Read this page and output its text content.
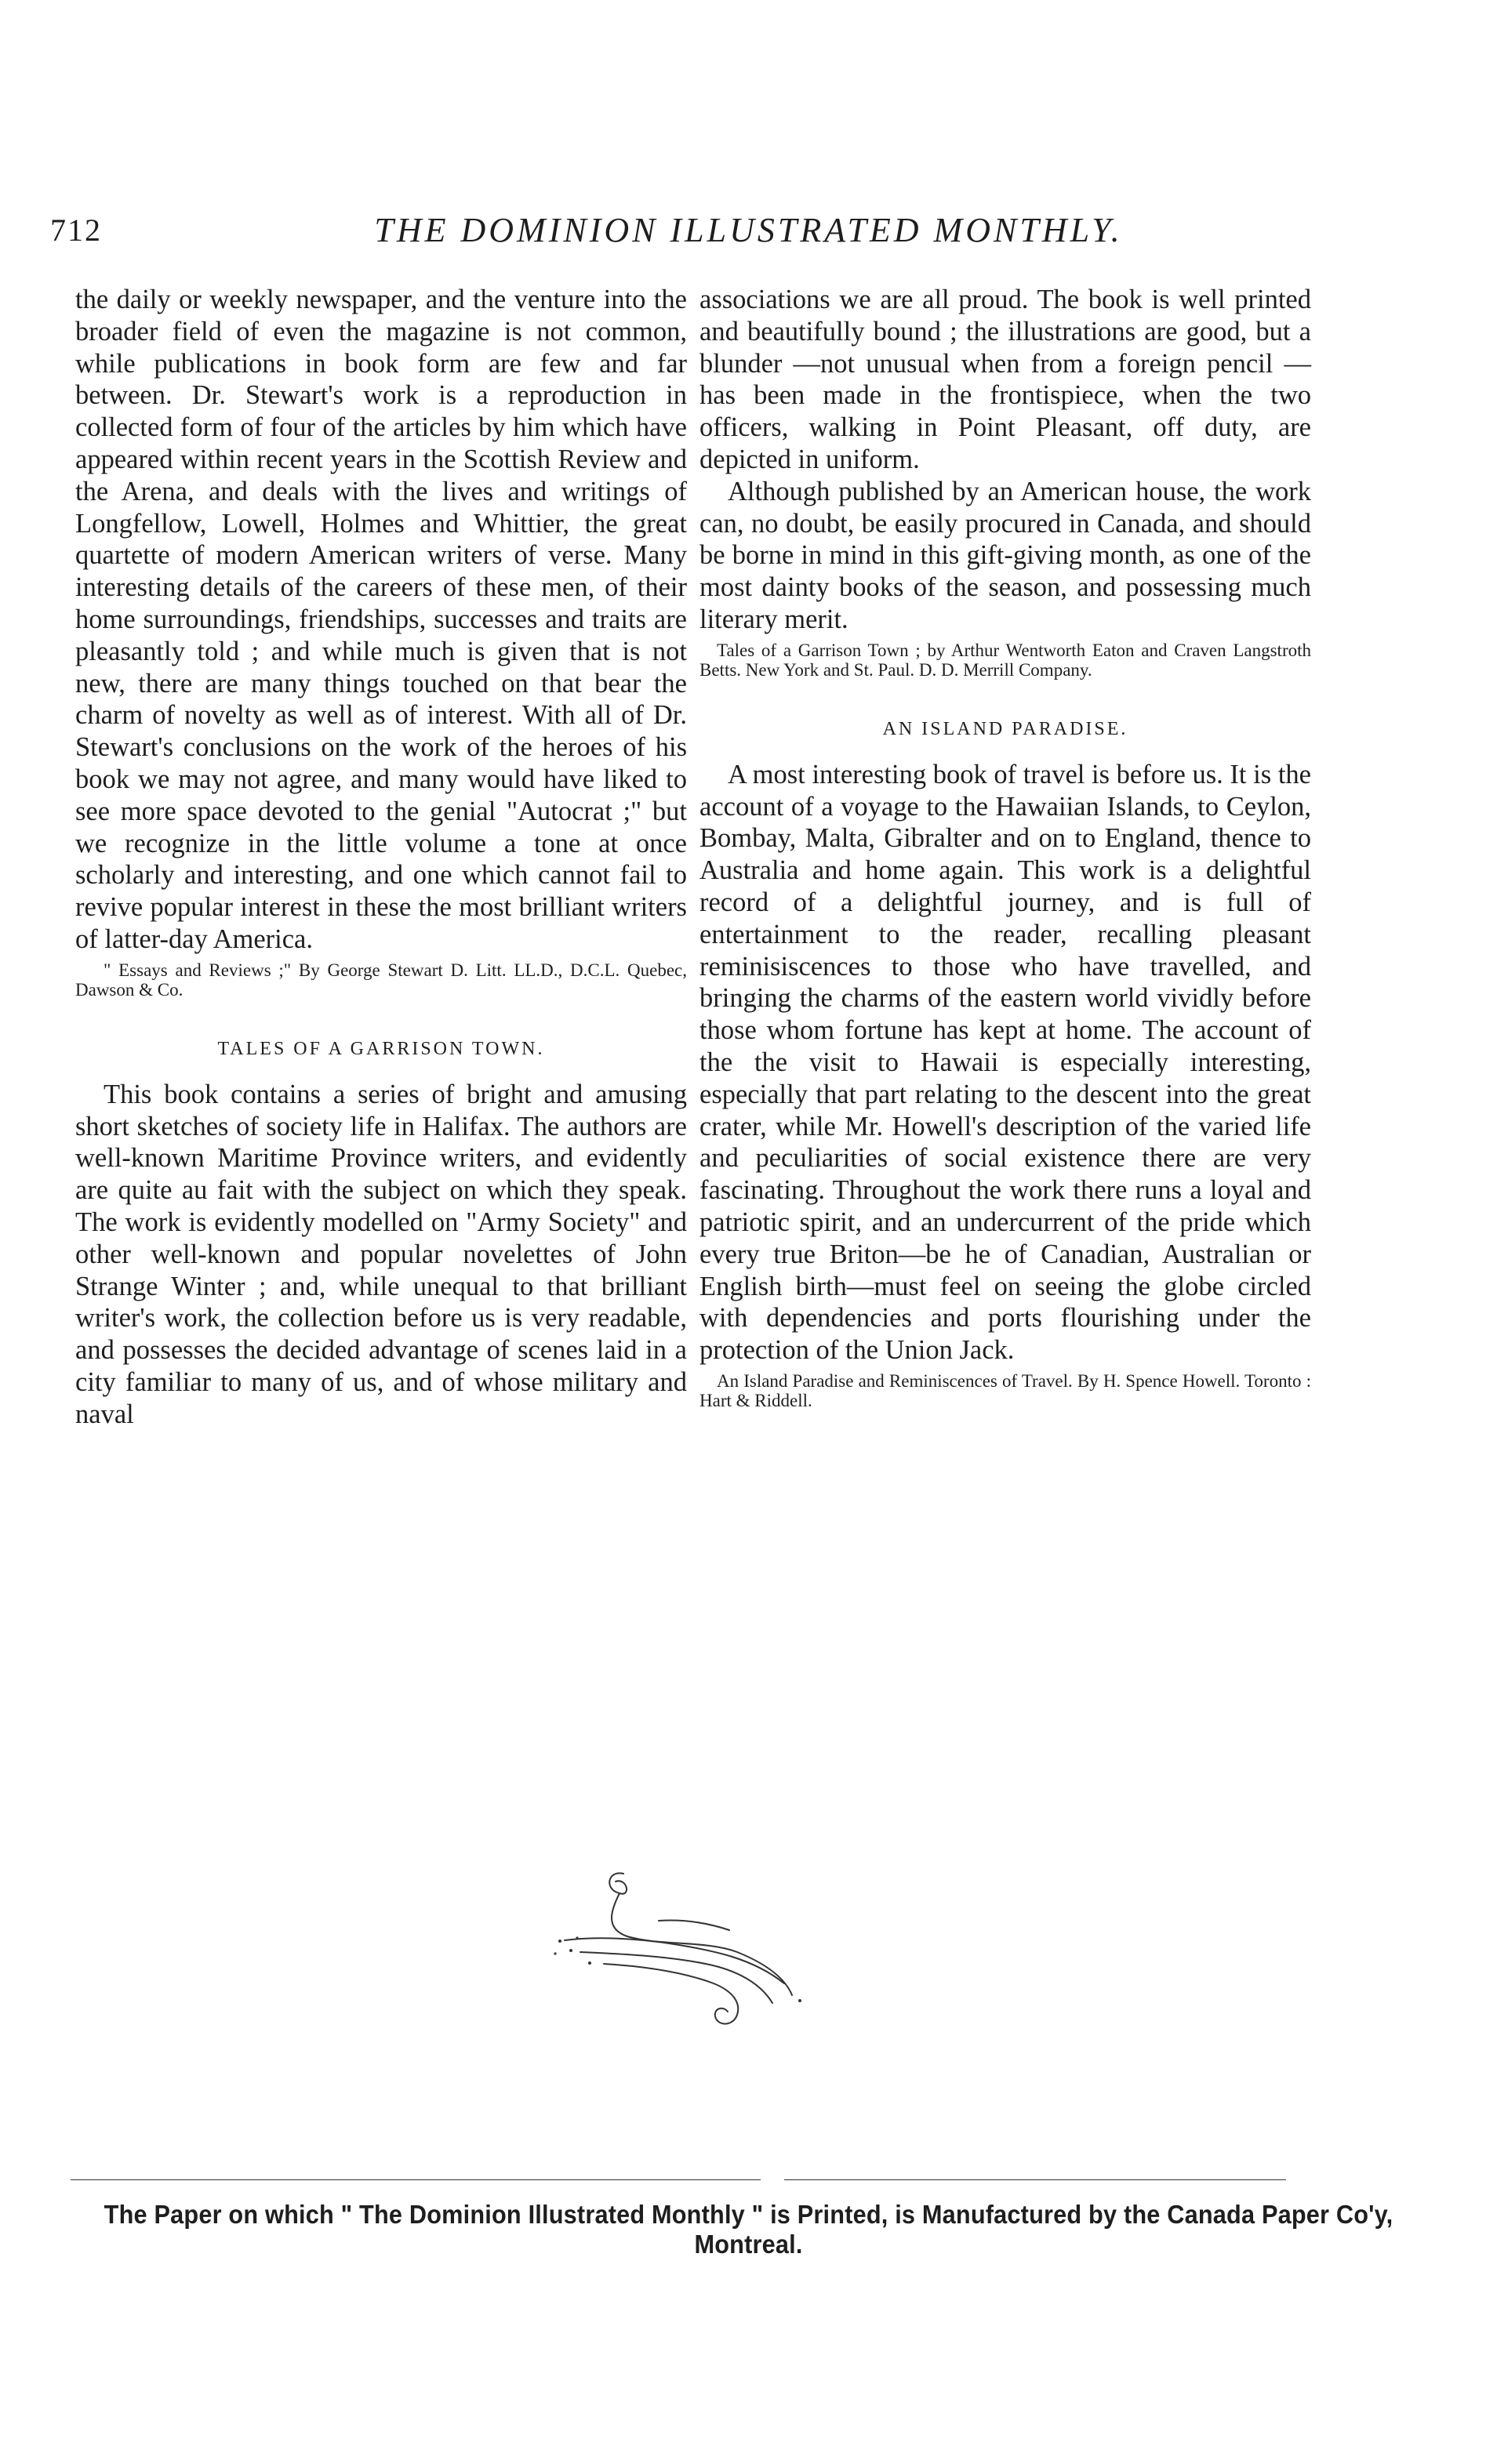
712	THE DOMINION ILLUSTRATED MONTHLY.

the daily or weekly newspaper, and the venture into the broader field of even the magazine is not common, while publications in book form are few and far between. Dr. Stewart's work is a reproduction in collected form of four of the articles by him which have appeared within recent years in the Scottish Review and the Arena, and deals with the lives and writings of Longfellow, Lowell, Holmes and Whittier, the great quartette of modern American writers of verse. Many interesting details of the careers of these men, of their home surroundings, friendships, successes and traits are pleasantly told ; and while much is given that is not new, there are many things touched on that bear the charm of novelty as well as of interest. With all of Dr. Stewart's conclusions on the work of the heroes of his book we may not agree, and many would have liked to see more space devoted to the genial "Autocrat ;" but we recognize in the little volume a tone at once scholarly and interesting, and one which cannot fail to revive popular interest in these the most brilliant writers of latter-day America.

" Essays and Reviews ;" By George Stewart D. Litt. LL.D., D.C.L. Quebec, Dawson & Co.

TALES OF A GARRISON TOWN.

This book contains a series of bright and amusing short sketches of society life in Halifax. The authors are well-known Maritime Province writers, and evidently are quite au fait with the subject on which they speak. The work is evidently modelled on "Army Society" and other well-known and popular novelettes of John Strange Winter ; and, while unequal to that brilliant writer's work, the collection before us is very readable, and possesses the decided advantage of scenes laid in a city familiar to many of us, and of whose military and naval

associations we are all proud. The book is well printed and beautifully bound ; the illustrations are good, but a blunder —not unusual when from a foreign pencil —has been made in the frontispiece, when the two officers, walking in Point Pleasant, off duty, are depicted in uniform.

Although published by an American house, the work can, no doubt, be easily procured in Canada, and should be borne in mind in this gift-giving month, as one of the most dainty books of the season, and possessing much literary merit.

Tales of a Garrison Town ; by Arthur Wentworth Eaton and Craven Langstroth Betts. New York and St. Paul. D. D. Merrill Company.

AN ISLAND PARADISE.

A most interesting book of travel is before us. It is the account of a voyage to the Hawaiian Islands, to Ceylon, Bombay, Malta, Gibralter and on to England, thence to Australia and home again. This work is a delightful record of a delightful journey, and is full of entertainment to the reader, recalling pleasant reminisiscences to those who have travelled, and bringing the charms of the eastern world vividly before those whom fortune has kept at home. The account of the the visit to Hawaii is especially interesting, especially that part relating to the descent into the great crater, while Mr. Howell's description of the varied life and peculiarities of social existence there are very fascinating. Throughout the work there runs a loyal and patriotic spirit, and an undercurrent of the pride which every true Briton—be he of Canadian, Australian or English birth—must feel on seeing the globe circled with dependencies and ports flourishing under the protection of the Union Jack.

An Island Paradise and Reminiscences of Travel. By H. Spence Howell. Toronto : Hart & Riddell.

The Paper on which " The Dominion Illustrated Monthly " is Printed, is Manufactured by the Canada Paper Co'y, Montreal.
